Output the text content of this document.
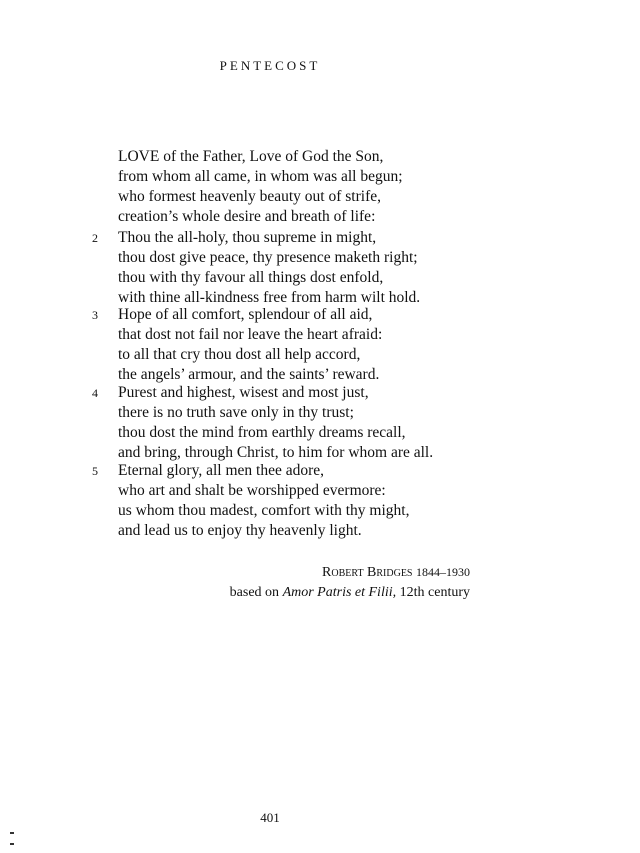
PENTECOST
LOVE of the Father, Love of God the Son,
from whom all came, in whom was all begun;
who formest heavenly beauty out of strife,
creation’s whole desire and breath of life:
2 Thou the all-holy, thou supreme in might,
thou dost give peace, thy presence maketh right;
thou with thy favour all things dost enfold,
with thine all-kindness free from harm wilt hold.
3 Hope of all comfort, splendour of all aid,
that dost not fail nor leave the heart afraid:
to all that cry thou dost all help accord,
the angels’ armour, and the saints’ reward.
4 Purest and highest, wisest and most just,
there is no truth save only in thy trust;
thou dost the mind from earthly dreams recall,
and bring, through Christ, to him for whom are all.
5 Eternal glory, all men thee adore,
who art and shalt be worshipped evermore:
us whom thou madest, comfort with thy might,
and lead us to enjoy thy heavenly light.
Robert Bridges 1844–1930
based on Amor Patris et Filii, 12th century
401
